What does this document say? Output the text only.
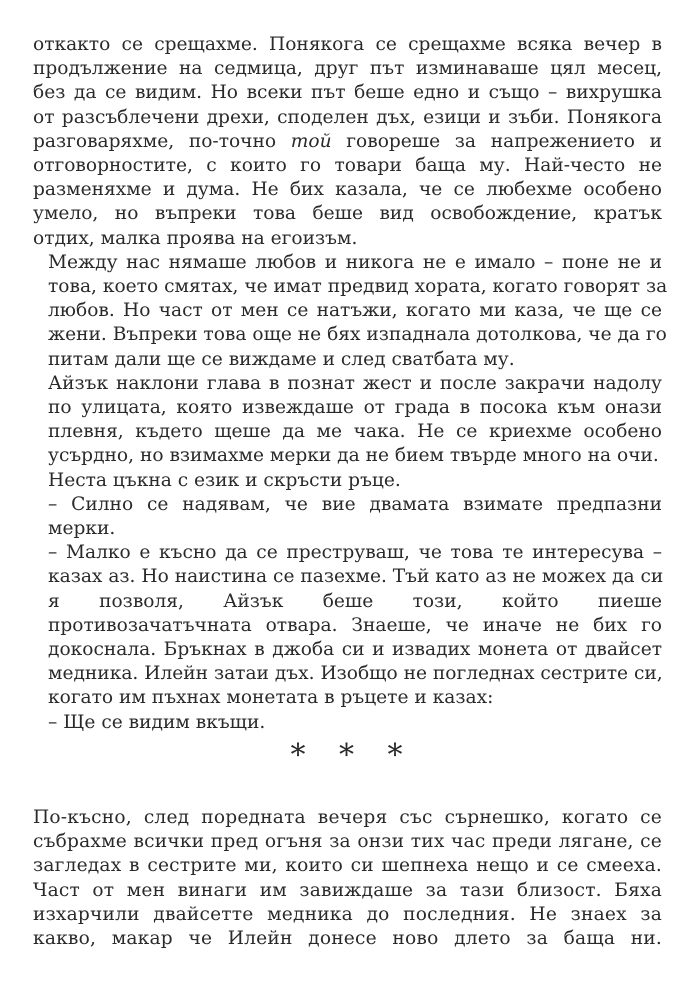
откакто се срещахме. Понякога се срещахме всяка вечер в
продължение на седмица, друг път изминаваше цял месец,
без да се видим. Но всеки път беше едно и също – вихрушка
от разсъблечени дрехи, споделен дъх, езици и зъби. Понякога
разговаряхме, по-точно той говореше за напрежението и
отговорностите, с които го товари баща му. Най-често не
разменяхме и дума. Не бих казала, че се любехме особено
умело, но въпреки това беше вид освобождение, кратък
отдих, малка проява на егоизъм.

Между нас нямаше любов и никога не е имало – поне не и
това, което смятах, че имат предвид хората, когато говорят за
любов. Но част от мен се натъжи, когато ми каза, че ще се
жени. Въпреки това още не бях изпаднала дотолкова, че да го
питам дали ще се виждаме и след сватбата му.

Айзък наклони глава в познат жест и после закрачи надолу
по улицата, която извеждаше от града в посока към онази
плевня, където щеше да ме чака. Не се криехме особено
усърдно, но взимахме мерки да не бием твърде много на очи.

Неста цъкна с език и скръсти ръце.

– Силно се надявам, че вие двамата взимате предпазни
мерки.

– Малко е късно да се преструваш, че това те интересува –
казах аз. Но наистина се пазехме. Тъй като аз не можех да си
я позволя, Айзък беше този, който пиеше
противозачатъчната отвара. Знаеше, че иначе не бих го
докоснала. Бръкнах в джоба си и извадих монета от двайсет
медника. Илейн затаи дъх. Изобщо не погледнах сестрите си,
когато им пъхнах монетата в ръцете и казах:

– Ще се видим вкъщи.

* * *

По-късно, след поредната вечеря със сърнешко, когато се
събрахме всички пред огъня за онзи тих час преди лягане, се
загледах в сестрите ми, които си шепнеха нещо и се смееха.
Част от мен винаги им завиждаше за тази близост. Бяха
изхарчили двайсетте медника до последния. Не знаех за
какво, макар че Илейн донесе ново длето за баща ни.
